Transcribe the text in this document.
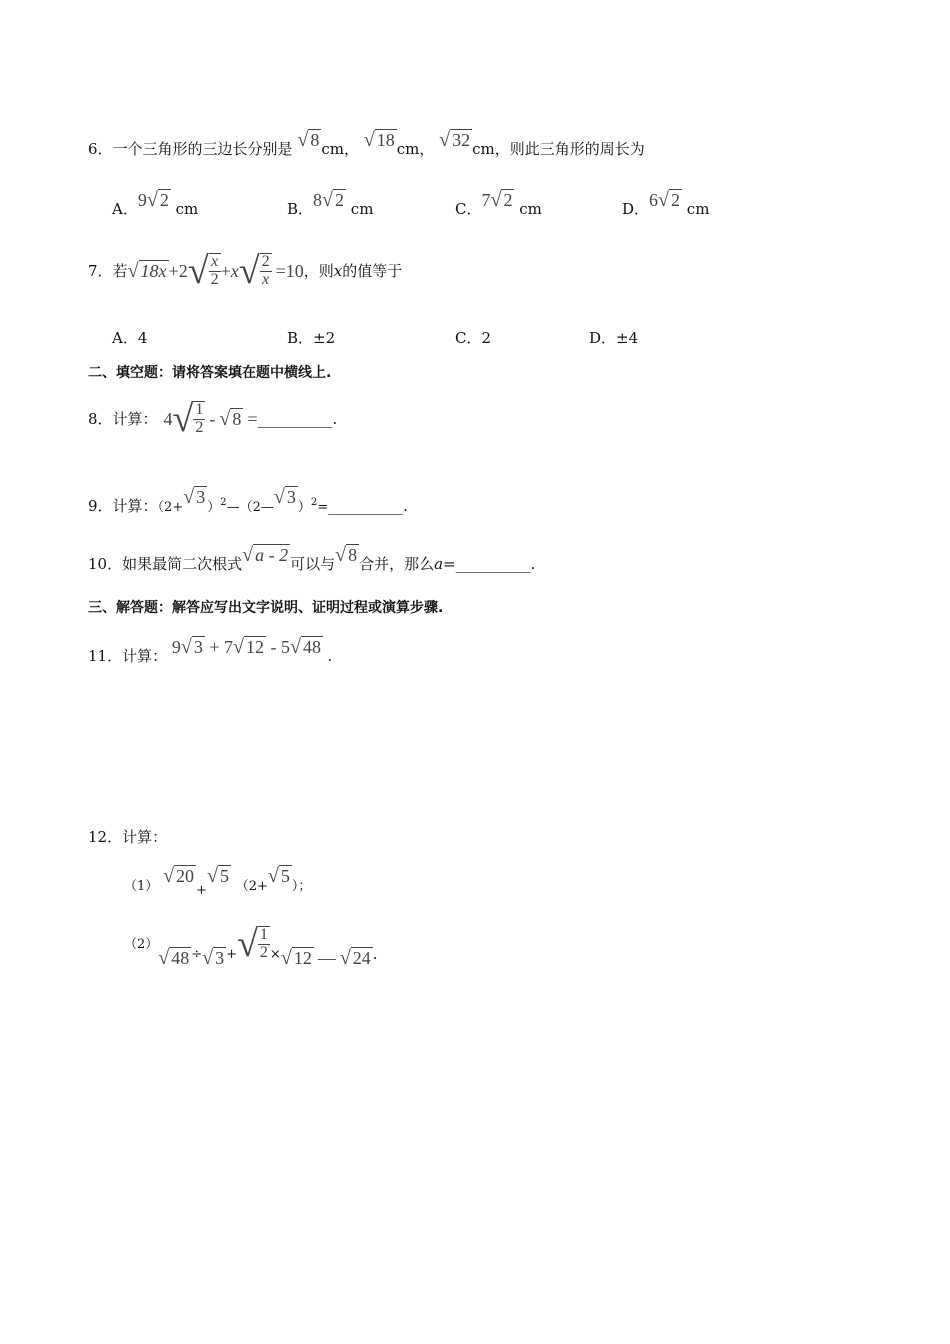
6．一个三角形的三边长分别是 √ 8 cm， √ 18 cm， √ 32 cm，则此三角形的周长为
A．9√ 2 cm	B．8√ 2 cm	C．7√ 2 cm	D．6√ 2 cm
7． 若 √ 18x +2 √ $\frac{x}{2} + x$ √ $\frac{2}{x} =10$ ，则 x 的值等于
A．4	B．±2	C．2	D．±4
二、填空题：请将答案填在题中横线上.
8．计算： 4 √ $\frac{1}{2}$ - √ 8 = __________ .
9．计算：（2+√ 3）$^2$—（2—√ 3）$^2$=__________.
10．如果最简二次根式√ a - 2 可以与√ 8 合并，那么a=__________.
三、解答题：解答应写出文字说明、证明过程或演算步骤.
11．计算： 9√ 3 + 7√ 12 - 5√ 48 .
12．计算：
（1） √ 20+√ 5 （2+√ 5）；
（2）
√ 48 ÷ √ 3 + √ $\frac{1}{2}$ × √ 12 — √ 24 .
